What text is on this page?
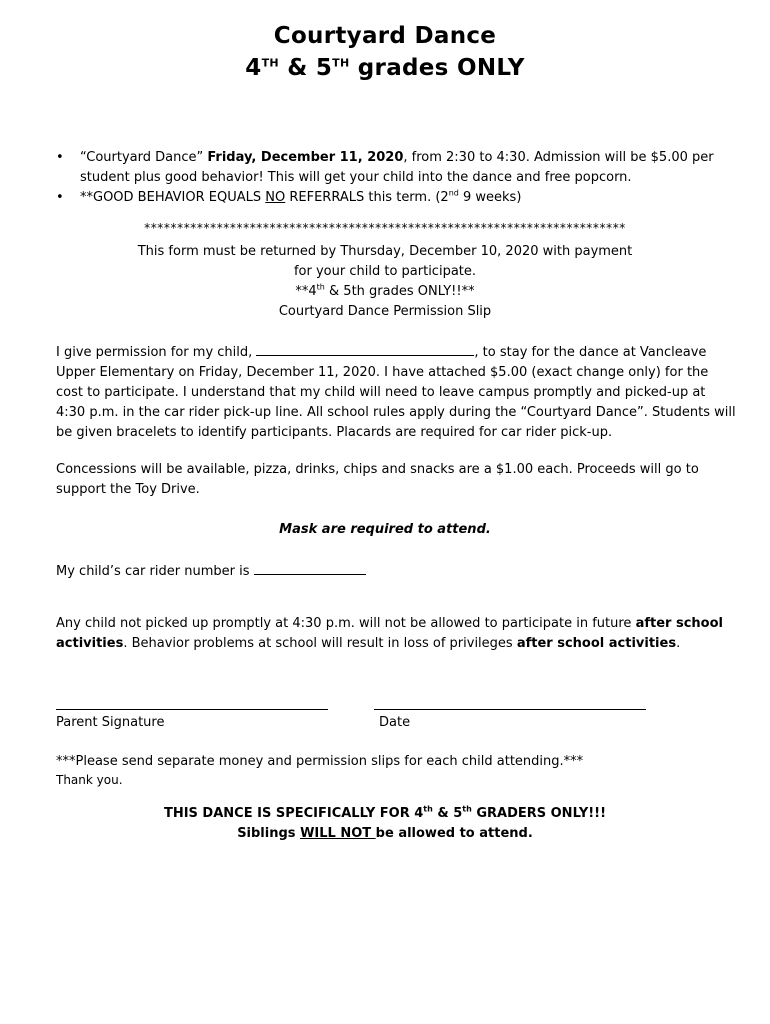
Courtyard Dance
4TH & 5TH grades ONLY
• “Courtyard Dance” Friday, December 11, 2020, from 2:30 to 4:30. Admission will be $5.00 per student plus good behavior! This will get your child into the dance and free popcorn.
• **GOOD BEHAVIOR EQUALS NO REFERRALS this term. (2nd 9 weeks)
*************************************************************************
This form must be returned by Thursday, December 10, 2020 with payment
for your child to participate.
**4th & 5th grades ONLY!!**
Courtyard Dance Permission Slip
I give permission for my child,	, to stay for the dance at Vancleave Upper Elementary on Friday, December 11, 2020. I have attached $5.00 (exact change only) for the cost to participate. I understand that my child will need to leave campus promptly and picked-up at 4:30 p.m. in the car rider pick-up line. All school rules apply during the “Courtyard Dance”. Students will be given bracelets to identify participants. Placards are required for car rider pick-up.
Concessions will be available, pizza, drinks, chips and snacks are a $1.00 each. Proceeds will go to support the Toy Drive.
Mask are required to attend.
My child’s car rider number is
Any child not picked up promptly at 4:30 p.m. will not be allowed to participate in future after school activities. Behavior problems at school will result in loss of privileges after school activities.
Parent Signature	Date
***Please send separate money and permission slips for each child attending.***
Thank you.
THIS DANCE IS SPECIFICALLY FOR 4th & 5th GRADERS ONLY!!!
Siblings WILL NOT be allowed to attend.
